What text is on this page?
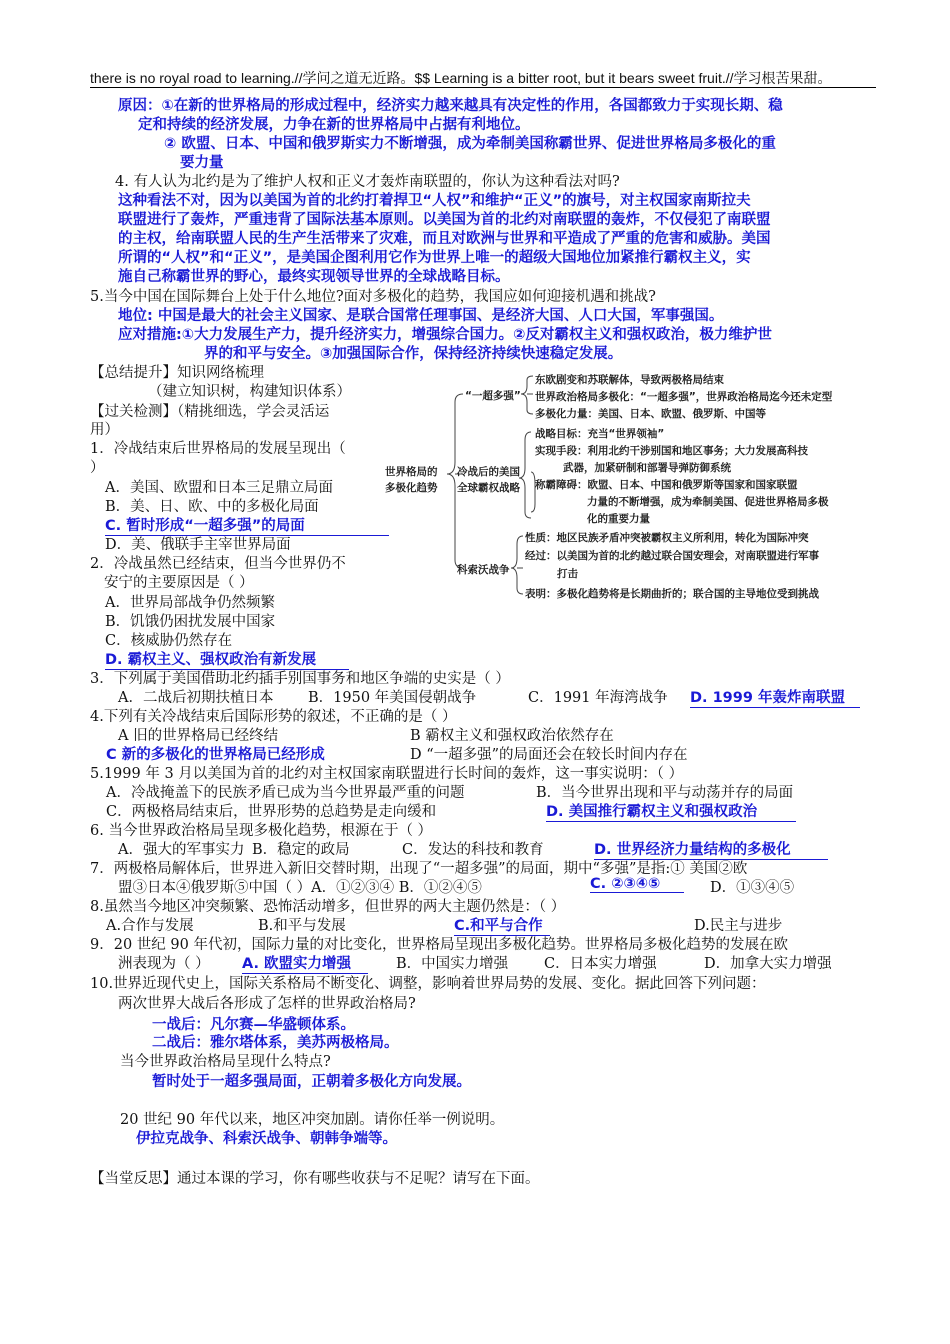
there is no royal road to learning.//学问之道无近路。$$ Learning is a bitter root, but it bears sweet fruit.//学习根苦果甜。
原因：①在新的世界格局的形成过程中，经济实力越来越具有决定性的作用，各国都致力于实现长期、稳
定和持续的经济发展，力争在新的世界格局中占据有利地位。
② 欧盟、日本、中国和俄罗斯实力不断增强，成为牵制美国称霸世界、促进世界格局多极化的重
要力量
4. 有人认为北约是为了维护人权和正义才轰炸南联盟的，你认为这种看法对吗?
这种看法不对，因为以美国为首的北约打着捍卫“人权”和维护“正义”的旗号，对主权国家南斯拉夫
联盟进行了轰炸，严重违背了国际法基本原则。以美国为首的北约对南联盟的轰炸，不仅侵犯了南联盟
的主权，给南联盟人民的生产生活带来了灾难，而且对欧洲与世界和平造成了严重的危害和威胁。美国
所谓的“人权”和“正义”，是美国企图利用它作为世界上唯一的超级大国地位加紧推行霸权主义，实
施自己称霸世界的野心，最终实现领导世界的全球战略目标。
5.当今中国在国际舞台上处于什么地位?面对多极化的趋势，我国应如何迎接机遇和挑战?
地位: 中国是最大的社会主义国家、是联合国常任理事国、是经济大国、人口大国，军事强国。
应对措施:①大力发展生产力，提升经济实力，增强综合国力。②反对霸权主义和强权政治，极力维护世
界的和平与安全。③加强国际合作，保持经济持续快速稳定发展。
【总结提升】知识网络梳理
（建立知识树，构建知识体系）
【过关检测】（精挑细选，学会灵活运
用）
世界格局的
多极化趋势
“一超多强”
冷战后的美国
全球霸权战略
科索沃战争
东欧剧变和苏联解体，导致两极格局结束
世界政治格局多极化：“一超多强”，世界政治格局迄今还未定型
多极化力量：美国、日本、欧盟、俄罗斯、中国等
战略目标：充当“世界领袖”
实现手段：利用北约干涉别国和地区事务；大力发展高科技
武器，加紧研制和部署导弹防御系统
称霸障碍：欧盟、日本、中国和俄罗斯等国家和国家联盟
力量的不断增强，成为牵制美国、促进世界格局多极
化的重要力量
性质：地区民族矛盾冲突被霸权主义所利用，转化为国际冲突
经过：以美国为首的北约越过联合国安理会，对南联盟进行军事
打击
表明：多极化趋势将是长期曲折的；联合国的主导地位受到挑战
1．冷战结束后世界格局的发展呈现出（
）
A．美国、欧盟和日本三足鼎立局面
B．美、日、欧、中的多极化局面
C. 暂时形成“一超多强”的局面
D．美、俄联手主宰世界局面
2．冷战虽然已经结束，但当今世界仍不
安宁的主要原因是（ ）
A．世界局部战争仍然频繁
B．饥饿仍困扰发展中国家
C．核威胁仍然存在
D. 霸权主义、强权政治有新发展
3．下列属于美国借助北约插手别国事务和地区争端的史实是（ ）
A．二战后初期扶植日本 B．1950 年美国侵朝战争	C．1991 年海湾战争 D. 1999 年轰炸南联盟
4.下列有关冷战结束后国际形势的叙述，不正确的是（ ）
A 旧的世界格局已经终结	B 霸权主义和强权政治依然存在
C 新的多极化的世界格局已经形成	D “一超多强”的局面还会在较长时间内存在
5.1999 年 3 月以美国为首的北约对主权国家南联盟进行长时间的轰炸，这一事实说明：（ ）
A．冷战掩盖下的民族矛盾已成为当今世界最严重的问题	B．当今世界出现和平与动荡并存的局面
C．两极格局结束后，世界形势的总趋势是走向缓和	D. 美国推行霸权主义和强权政治
6. 当今世界政治格局呈现多极化趋势，根源在于（ ）
A．强大的军事实力 B．稳定的政局	C．发达的科技和教育	D. 世界经济力量结构的多极化
7．两极格局解体后，世界进入新旧交替时期，出现了“一超多强”的局面，期中“多强”是指:① 美国②欧
盟③日本④俄罗斯⑤中国（ ）A．①②③④ B．①②④⑤	C. ②③④⑤	D．①③④⑤
8.虽然当今地区冲突频繁、恐怖活动增多，但世界的两大主题仍然是：（ ）
A.合作与发展	B.和平与发展	C.和平与合作	D.民主与进步
9．20 世纪 90 年代初，国际力量的对比变化，世界格局呈现出多极化趋势。世界格局多极化趋势的发展在欧
洲表现为（ ） A. 欧盟实力增强	B．中国实力增强 C．日本实力增强	D．加拿大实力增强
10.世界近现代史上，国际关系格局不断变化、调整，影响着世界局势的发展、变化。据此回答下列问题：
两次世界大战后各形成了怎样的世界政治格局?
一战后：凡尔赛—华盛顿体系。
二战后：雅尔塔体系，美苏两极格局。
当今世界政治格局呈现什么特点?
暂时处于一超多强局面，正朝着多极化方向发展。
20 世纪 90 年代以来，地区冲突加剧。请你任举一例说明。
伊拉克战争、科索沃战争、朝韩争端等。
【当堂反思】通过本课的学习，你有哪些收获与不足呢？请写在下面。
